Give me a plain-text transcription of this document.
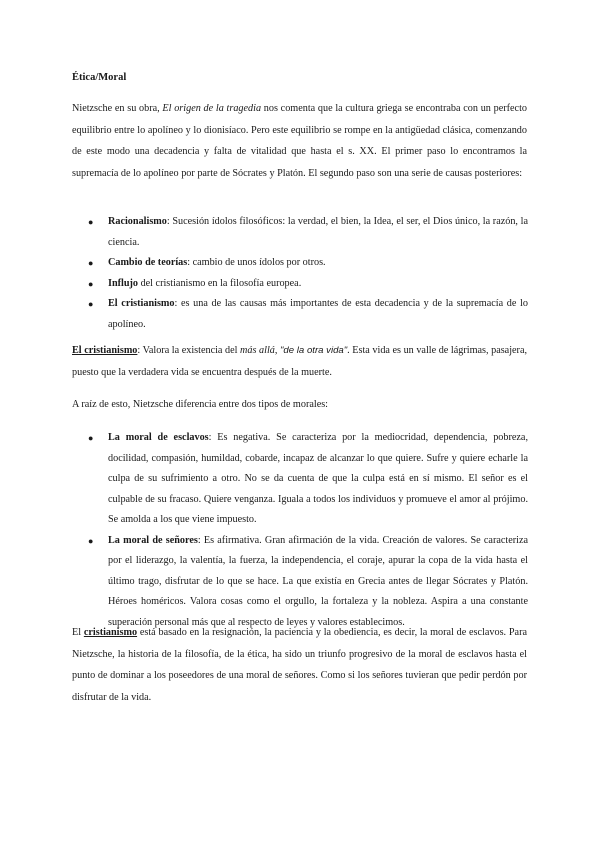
Ética/Moral

Nietzsche en su obra, El origen de la tragedia nos comenta que la cultura griega se encontraba con un perfecto equilibrio entre lo apolíneo y lo dionisíaco. Pero este equilibrio se rompe en la antigüedad clásica, comenzando de este modo una decadencia y falta de vitalidad que hasta el s. XX. El primer paso lo encontramos la supremacía de lo apolíneo por parte de Sócrates y Platón. El segundo paso son una serie de causas posteriores:

● Racionalismo: Sucesión ídolos filosóficos: la verdad, el bien, la Idea, el ser, el Dios único, la razón, la ciencia.
● Cambio de teorías: cambio de unos ídolos por otros.
● Influjo del cristianismo en la filosofía europea.
● El cristianismo: es una de las causas más importantes de esta decadencia y de la supremacía de lo apolíneo.

El cristianismo: Valora la existencia del más allá, "de la otra vida". Esta vida es un valle de lágrimas, pasajera, puesto que la verdadera vida se encuentra después de la muerte.

A raíz de esto, Nietzsche diferencia entre dos tipos de morales:

● La moral de esclavos: Es negativa. Se caracteriza por la mediocridad, dependencia, pobreza, docilidad, compasión, humildad, cobarde, incapaz de alcanzar lo que quiere. Sufre y quiere echarle la culpa de su sufrimiento a otro. No se da cuenta de que la culpa está en sí mismo. El señor es el culpable de su fracaso. Quiere venganza. Iguala a todos los individuos y promueve el amor al prójimo. Se amolda a los que viene impuesto.
● La moral de señores: Es afirmativa. Gran afirmación de la vida. Creación de valores. Se caracteriza por el liderazgo, la valentía, la fuerza, la independencia, el coraje, apurar la copa de la vida hasta el último trago, disfrutar de lo que se hace. La que existía en Grecia antes de llegar Sócrates y Platón. Héroes homéricos. Valora cosas como el orgullo, la fortaleza y la nobleza. Aspira a una constante superación personal más que al respecto de leyes y valores establecimos.

El cristianismo está basado en la resignación, la paciencia y la obediencia, es decir, la moral de esclavos. Para Nietzsche, la historia de la filosofía, de la ética, ha sido un triunfo progresivo de la moral de esclavos hasta el punto de dominar a los poseedores de una moral de señores. Como si los señores tuvieran que pedir perdón por disfrutar de la vida.
